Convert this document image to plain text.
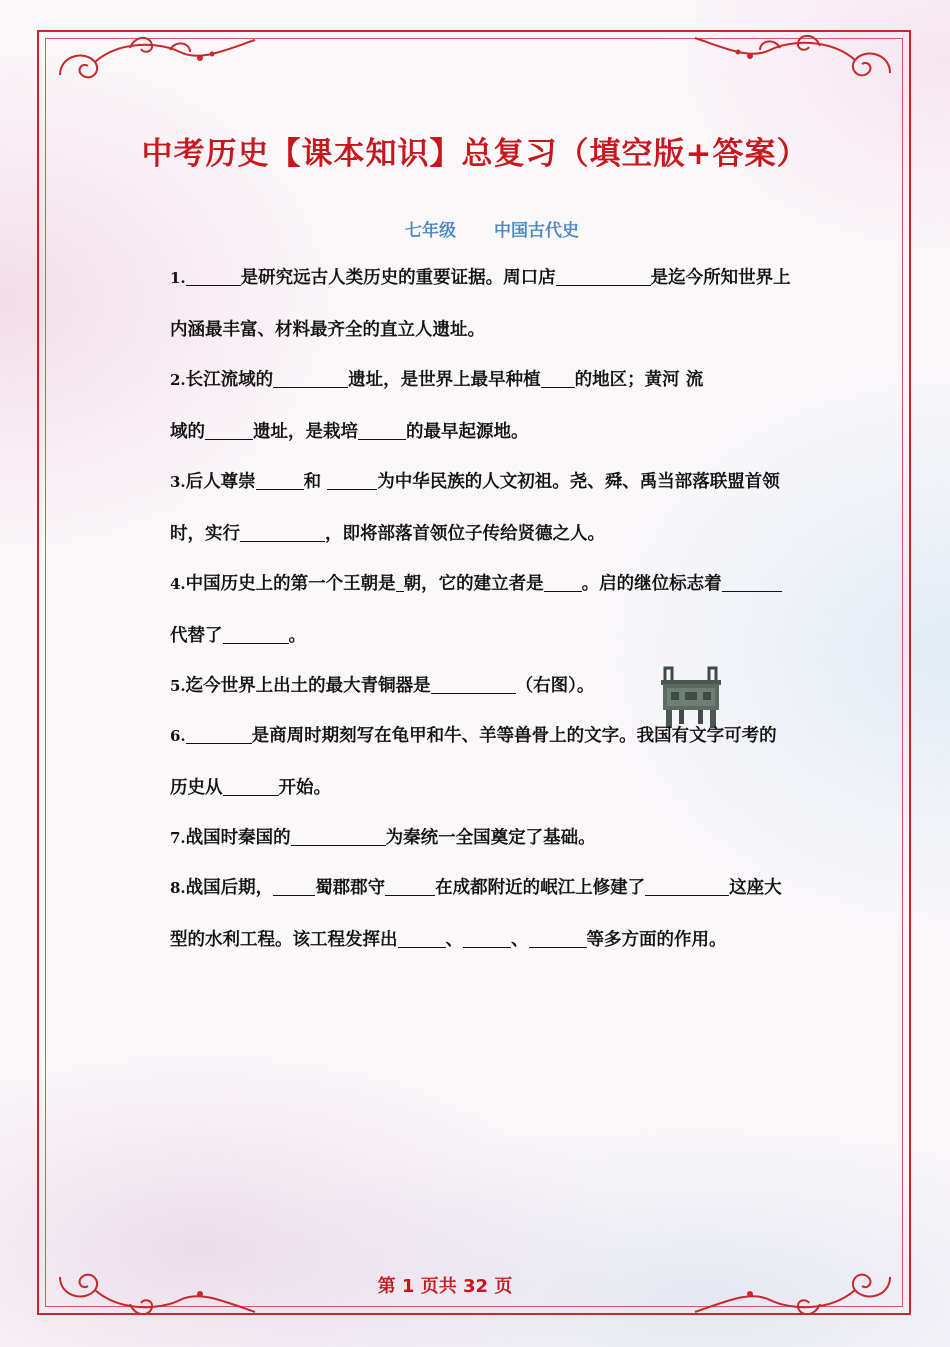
中考历史【课本知识】总复习（填空版+答案）
七年级 中国古代史
1.	是研究远古人类历史的重要证据。周口店	是迄今所知世界上
内涵最丰富、材料最齐全的直立人遗址。
2.长江流域的	遗址，是世界上最早种植 的地区；黄河 流
域的	遗址，是栽培	的最早起源地。
3.后人尊崇	和	为中华民族的人文初祖。尧、舜、禹当部落联盟首领
时，实行	，即将部落首领位子传给贤德之人。
4.中国历史上的第一个王朝是 朝，它的建立者是 。启的继位标志着
代替了	。
5.迄今世界上出土的最大青铜器是	（右图）。
6.	是商周时期刻写在龟甲和牛、羊等兽骨上的文字。我国有文字可考的
历史从	开始。
7.战国时秦国的	为秦统一全国奠定了基础。
8.战国后期， 蜀郡郡守	在成都附近的岷江上修建了	这座大
型的水利工程。该工程发挥出	、	、	等多方面的作用。
第 1 页共 32 页
